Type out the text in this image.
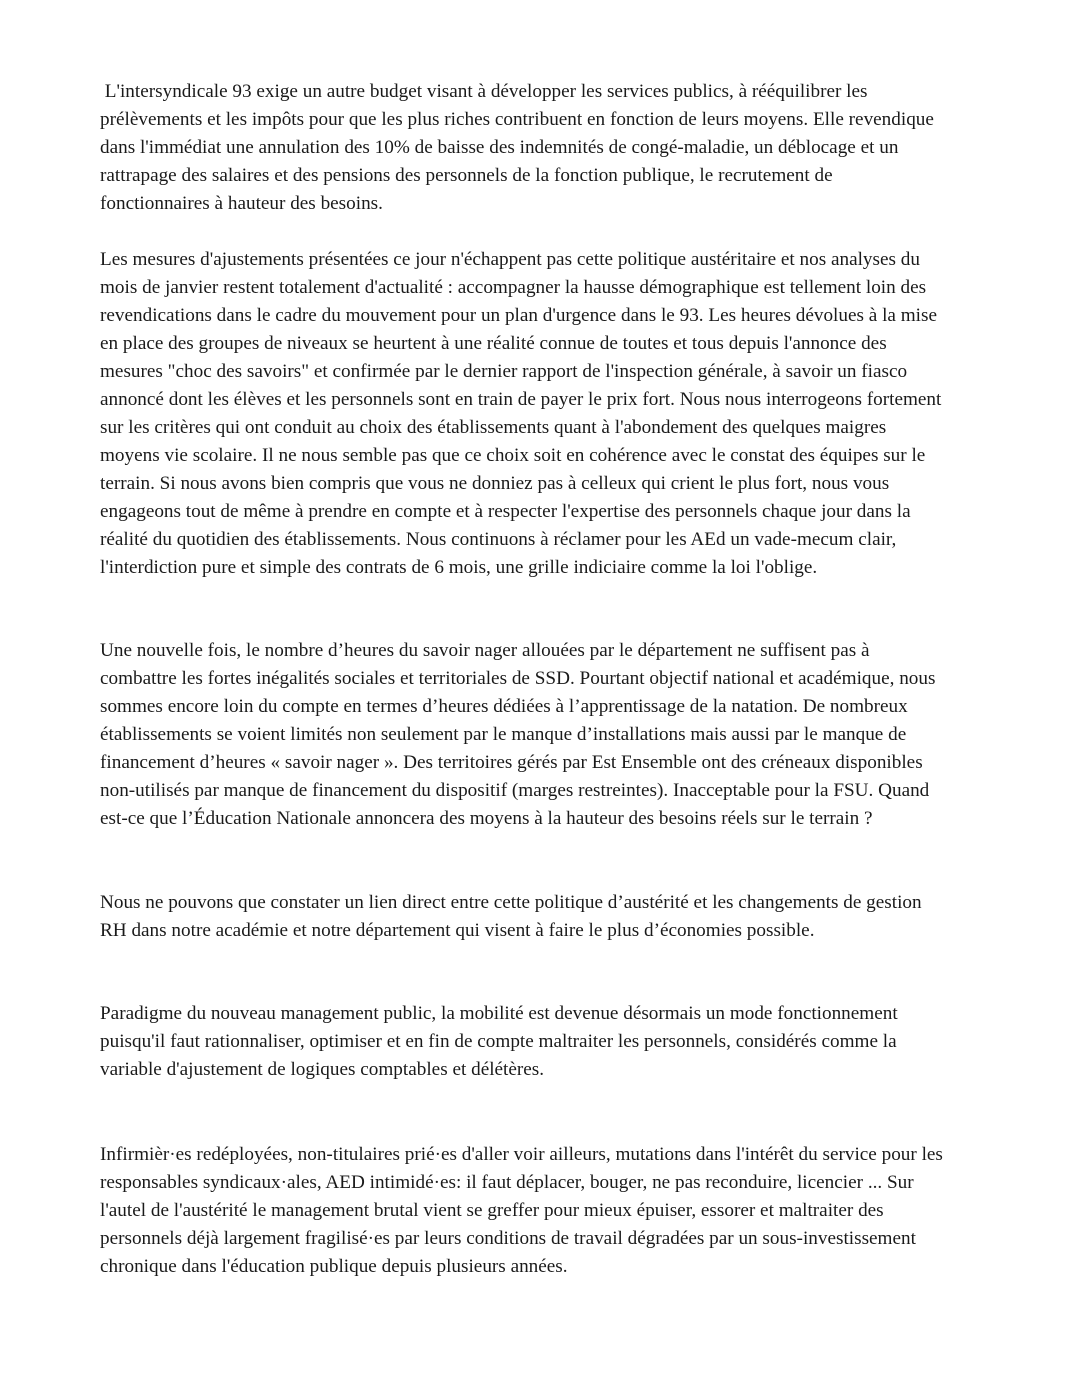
L'intersyndicale 93 exige un autre budget visant à développer les services publics, à rééquilibrer les
prélèvements et les impôts pour que les plus riches contribuent en fonction de leurs moyens. Elle revendique
dans l'immédiat une annulation des 10% de baisse des indemnités de congé-maladie, un déblocage et un
rattrapage des salaires et des pensions des personnels de la fonction publique, le recrutement de
fonctionnaires à hauteur des besoins.
Les mesures d'ajustements présentées ce jour n'échappent pas cette politique austéritaire et nos analyses du
mois de janvier restent totalement d'actualité : accompagner la hausse démographique est tellement loin des
revendications dans le cadre du mouvement pour un plan d'urgence dans le 93. Les heures dévolues à la mise
en place des groupes de niveaux se heurtent à une réalité connue de toutes et tous depuis l'annonce des
mesures "choc des savoirs" et confirmée par le dernier rapport de l'inspection générale, à savoir un fiasco
annoncé dont les élèves et les personnels sont en train de payer le prix fort. Nous nous interrogeons fortement
sur les critères qui ont conduit au choix des établissements quant à l'abondement des quelques maigres
moyens vie scolaire. Il ne nous semble pas que ce choix soit en cohérence avec le constat des équipes sur le
terrain. Si nous avons bien compris que vous ne donniez pas à celleux qui crient le plus fort, nous vous
engageons tout de même à prendre en compte et à respecter l'expertise des personnels chaque jour dans la
réalité du quotidien des établissements. Nous continuons à réclamer pour les AEd un vade-mecum clair,
l'interdiction pure et simple des contrats de 6 mois, une grille indiciaire comme la loi l'oblige.
Une nouvelle fois, le nombre d’heures du savoir nager allouées par le département ne suffisent pas à
combattre les fortes inégalités sociales et territoriales de SSD. Pourtant objectif national et académique, nous
sommes encore loin du compte en termes d’heures dédiées à l’apprentissage de la natation. De nombreux
établissements se voient limités non seulement par le manque d’installations mais aussi par le manque de
financement d’heures « savoir nager ». Des territoires gérés par Est Ensemble ont des créneaux disponibles
non-utilisés par manque de financement du dispositif (marges restreintes). Inacceptable pour la FSU. Quand
est-ce que l’Éducation Nationale annoncera des moyens à la hauteur des besoins réels sur le terrain ?
Nous ne pouvons que constater un lien direct entre cette politique d’austérité et les changements de gestion
RH dans notre académie et notre département qui visent à faire le plus d’économies possible.
Paradigme du nouveau management public, la mobilité est devenue désormais un mode fonctionnement
puisqu'il faut rationnaliser, optimiser et en fin de compte maltraiter les personnels, considérés comme la
variable d'ajustement de logiques comptables et délétères.
Infirmièr·es redéployées, non-titulaires prié·es d'aller voir ailleurs, mutations dans l'intérêt du service pour les
responsables syndicaux·ales, AED intimidé·es: il faut déplacer, bouger, ne pas reconduire, licencier ... Sur
l'autel de l'austérité le management brutal vient se greffer pour mieux épuiser, essorer et maltraiter des
personnels déjà largement fragilisé·es par leurs conditions de travail dégradées par un sous-investissement
chronique dans l'éducation publique depuis plusieurs années.
